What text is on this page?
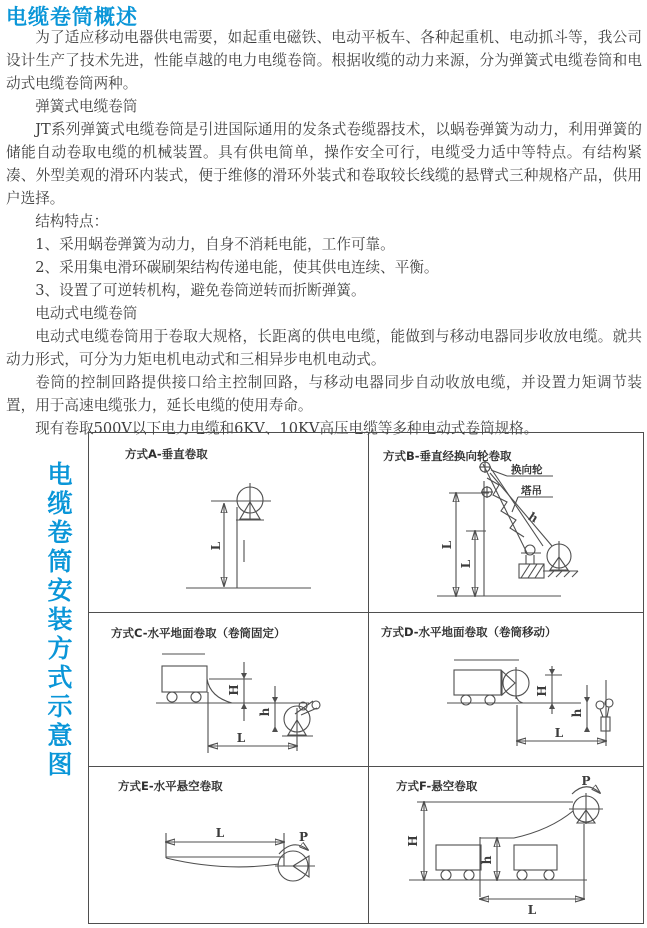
电缆卷筒概述

为了适应移动电器供电需要，如起重电磁铁、电动平板车、各种起重机、电动抓斗等，我公司设计生产了技术先进，性能卓越的电力电缆卷筒。根据收缆的动力来源，分为弹簧式电缆卷筒和电动式电缆卷筒两种。

弹簧式电缆卷筒

JT系列弹簧式电缆卷筒是引进国际通用的发条式卷缆器技术，以蜗卷弹簧为动力，利用弹簧的储能自动卷取电缆的机械装置。具有供电简单，操作安全可行，电缆受力适中等特点。有结构紧凑、外型美观的滑环内装式，便于维修的滑环外装式和卷取较长线缆的悬臂式三种规格产品，供用户选择。

结构特点：

1、采用蜗卷弹簧为动力，自身不消耗电能，工作可靠。

2、采用集电滑环碳刷架结构传递电能，使其供电连续、平衡。

3、设置了可逆转机构，避免卷筒逆转而折断弹簧。

电动式电缆卷筒

电动式电缆卷筒用于卷取大规格，长距离的供电电缆，能做到与移动电器同步收放电缆。就共动力形式，可分为力矩电机电动式和三相异步电机电动式。

卷筒的控制回路提供接口给主控制回路，与移动电器同步自动收放电缆，并设置力矩调节装置，用于高速电缆张力，延长电缆的使用寿命。

现有卷取500V以下电力电缆和6KV、10KV高压电缆等多种电动式卷筒规格。

电缆卷筒安装方式示意图
方式A-垂直卷取
L
方式B-垂直经换向轮卷取
换向轮
塔吊
h
L
L
方式C-水平地面卷取（卷筒固定）
H
h
L
方式D-水平地面卷取（卷筒移动）
H
h
L
方式E-水平悬空卷取
L	P
方式F-悬空卷取
H
h
L
P
